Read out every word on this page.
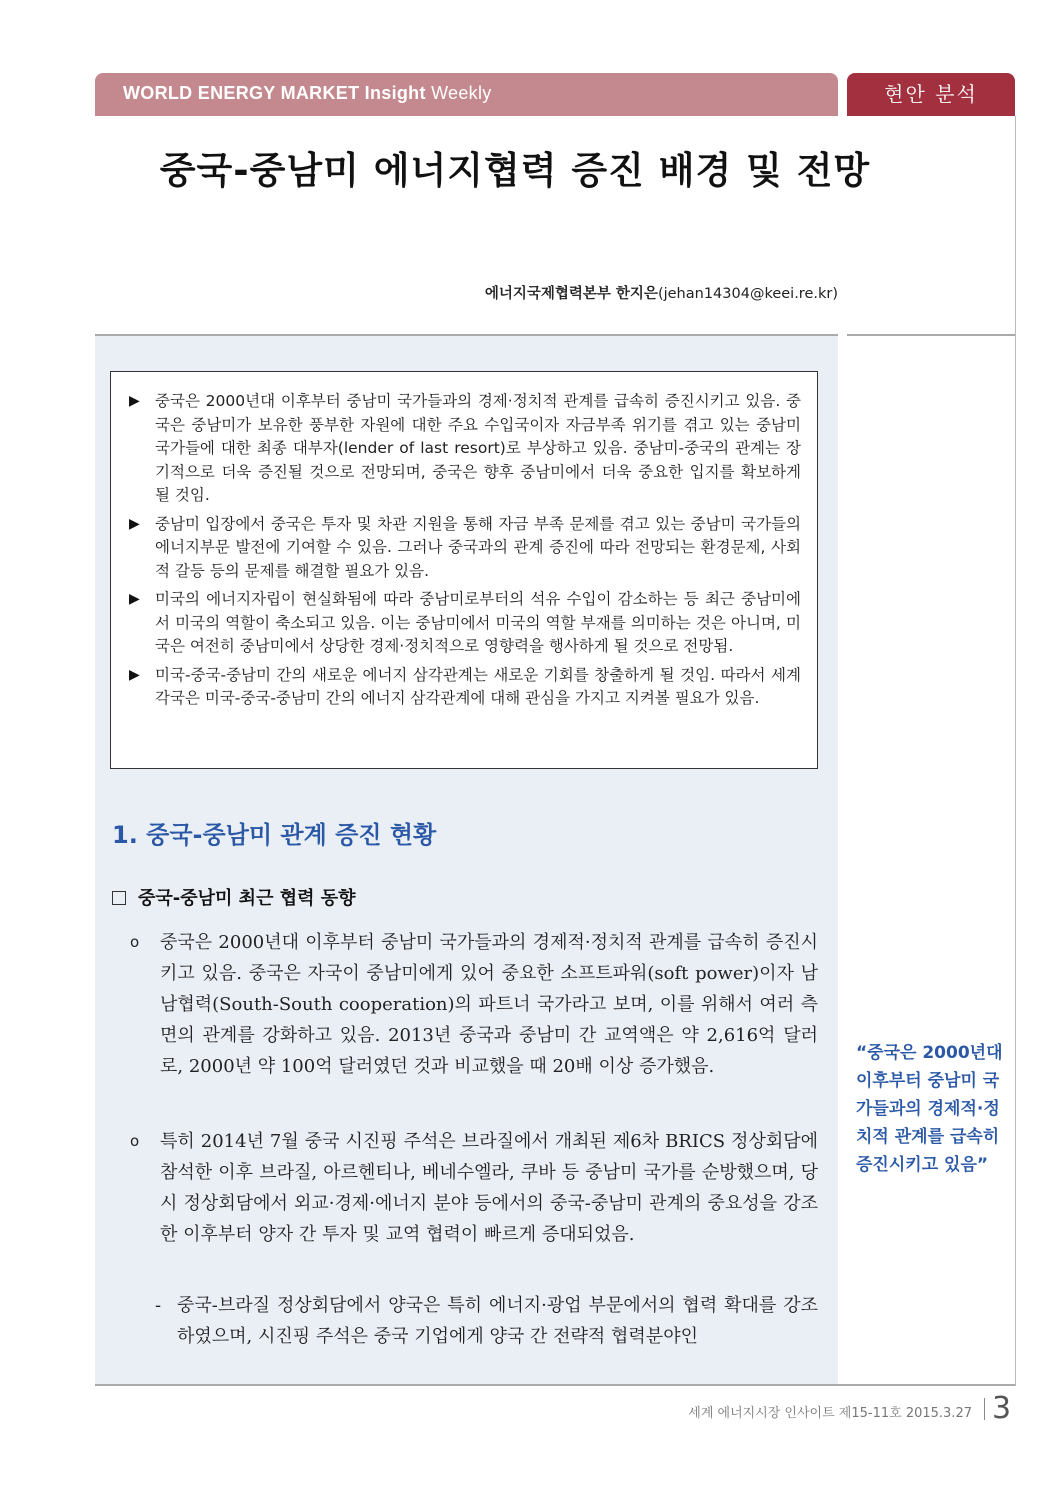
WORLD ENERGY MARKET Insight Weekly	현안 분석
중국-중남미 에너지협력 증진 배경 및 전망
에너지국제협력본부 한지은(jehan14304@keei.re.kr)
▶ 중국은 2000년대 이후부터 중남미 국가들과의 경제·정치적 관계를 급속히 증진시키고 있음. 중국은 중남미가 보유한 풍부한 자원에 대한 주요 수입국이자 자금부족 위기를 겪고 있는 중남미 국가들에 대한 최종 대부자(lender of last resort)로 부상하고 있음. 중남미-중국의 관계는 장기적으로 더욱 증진될 것으로 전망되며, 중국은 향후 중남미에서 더욱 중요한 입지를 확보하게 될 것임.
▶ 중남미 입장에서 중국은 투자 및 차관 지원을 통해 자금 부족 문제를 겪고 있는 중남미 국가들의 에너지부문 발전에 기여할 수 있음. 그러나 중국과의 관계 증진에 따라 전망되는 환경문제, 사회적 갈등 등의 문제를 해결할 필요가 있음.
▶ 미국의 에너지자립이 현실화됨에 따라 중남미로부터의 석유 수입이 감소하는 등 최근 중남미에서 미국의 역할이 축소되고 있음. 이는 중남미에서 미국의 역할 부재를 의미하는 것은 아니며, 미국은 여전히 중남미에서 상당한 경제·정치적으로 영향력을 행사하게 될 것으로 전망됨.
▶ 미국-중국-중남미 간의 새로운 에너지 삼각관계는 새로운 기회를 창출하게 될 것임. 따라서 세계 각국은 미국-중국-중남미 간의 에너지 삼각관계에 대해 관심을 가지고 지켜볼 필요가 있음.
1. 중국-중남미 관계 증진 현황
중국-중남미 최근 협력 동향
o 중국은 2000년대 이후부터 중남미 국가들과의 경제적·정치적 관계를 급속히 증진시키고 있음. 중국은 자국이 중남미에게 있어 중요한 소프트파워(soft power)이자 남남협력(South-South cooperation)의 파트너 국가라고 보며, 이를 위해서 여러 측면의 관계를 강화하고 있음. 2013년 중국과 중남미 간 교역액은 약 2,616억 달러로, 2000년 약 100억 달러였던 것과 비교했을 때 20배 이상 증가했음.
o 특히 2014년 7월 중국 시진핑 주석은 브라질에서 개최된 제6차 BRICS 정상회담에 참석한 이후 브라질, 아르헨티나, 베네수엘라, 쿠바 등 중남미 국가를 순방했으며, 당시 정상회담에서 외교·경제·에너지 분야 등에서의 중국-중남미 관계의 중요성을 강조한 이후부터 양자 간 투자 및 교역 협력이 빠르게 증대되었음.
- 중국-브라질 정상회담에서 양국은 특히 에너지·광업 부문에서의 협력 확대를 강조하였으며, 시진핑 주석은 중국 기업에게 양국 간 전략적 협력분야인
“중국은 2000년대 이후부터 중남미 국가들과의 경제적·정치적 관계를 급속히 증진시키고 있음”
세계 에너지시장 인사이트 제15-11호 2015.3.27 3
